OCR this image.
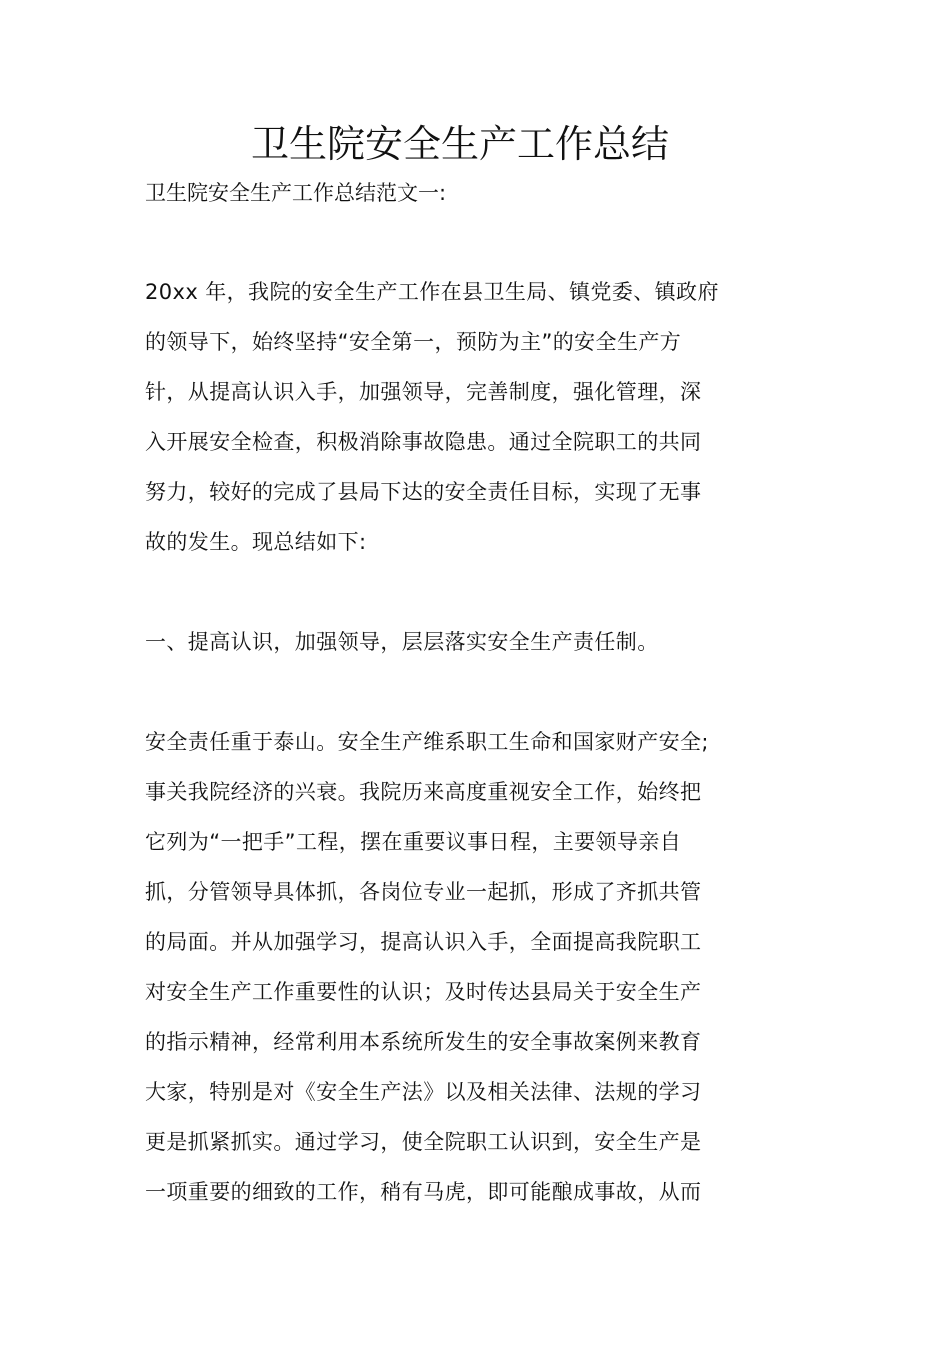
卫生院安全生产工作总结
卫生院安全生产工作总结范文一:
20xx 年，我院的安全生产工作在县卫生局、镇党委、镇政府
的领导下，始终坚持“安全第一，预防为主”的安全生产方
针，从提高认识入手，加强领导，完善制度，强化管理，深
入开展安全检查，积极消除事故隐患。通过全院职工的共同
努力，较好的完成了县局下达的安全责任目标，实现了无事
故的发生。现总结如下:
一、提高认识，加强领导，层层落实安全生产责任制。
安全责任重于泰山。安全生产维系职工生命和国家财产安全;
事关我院经济的兴衰。我院历来高度重视安全工作，始终把
它列为“一把手”工程，摆在重要议事日程，主要领导亲自
抓，分管领导具体抓，各岗位专业一起抓，形成了齐抓共管
的局面。并从加强学习，提高认识入手，全面提高我院职工
对安全生产工作重要性的认识；及时传达县局关于安全生产
的指示精神，经常利用本系统所发生的安全事故案例来教育
大家，特别是对《安全生产法》以及相关法律、法规的学习
更是抓紧抓实。通过学习，使全院职工认识到，安全生产是
一项重要的细致的工作，稍有马虎，即可能酿成事故，从而
